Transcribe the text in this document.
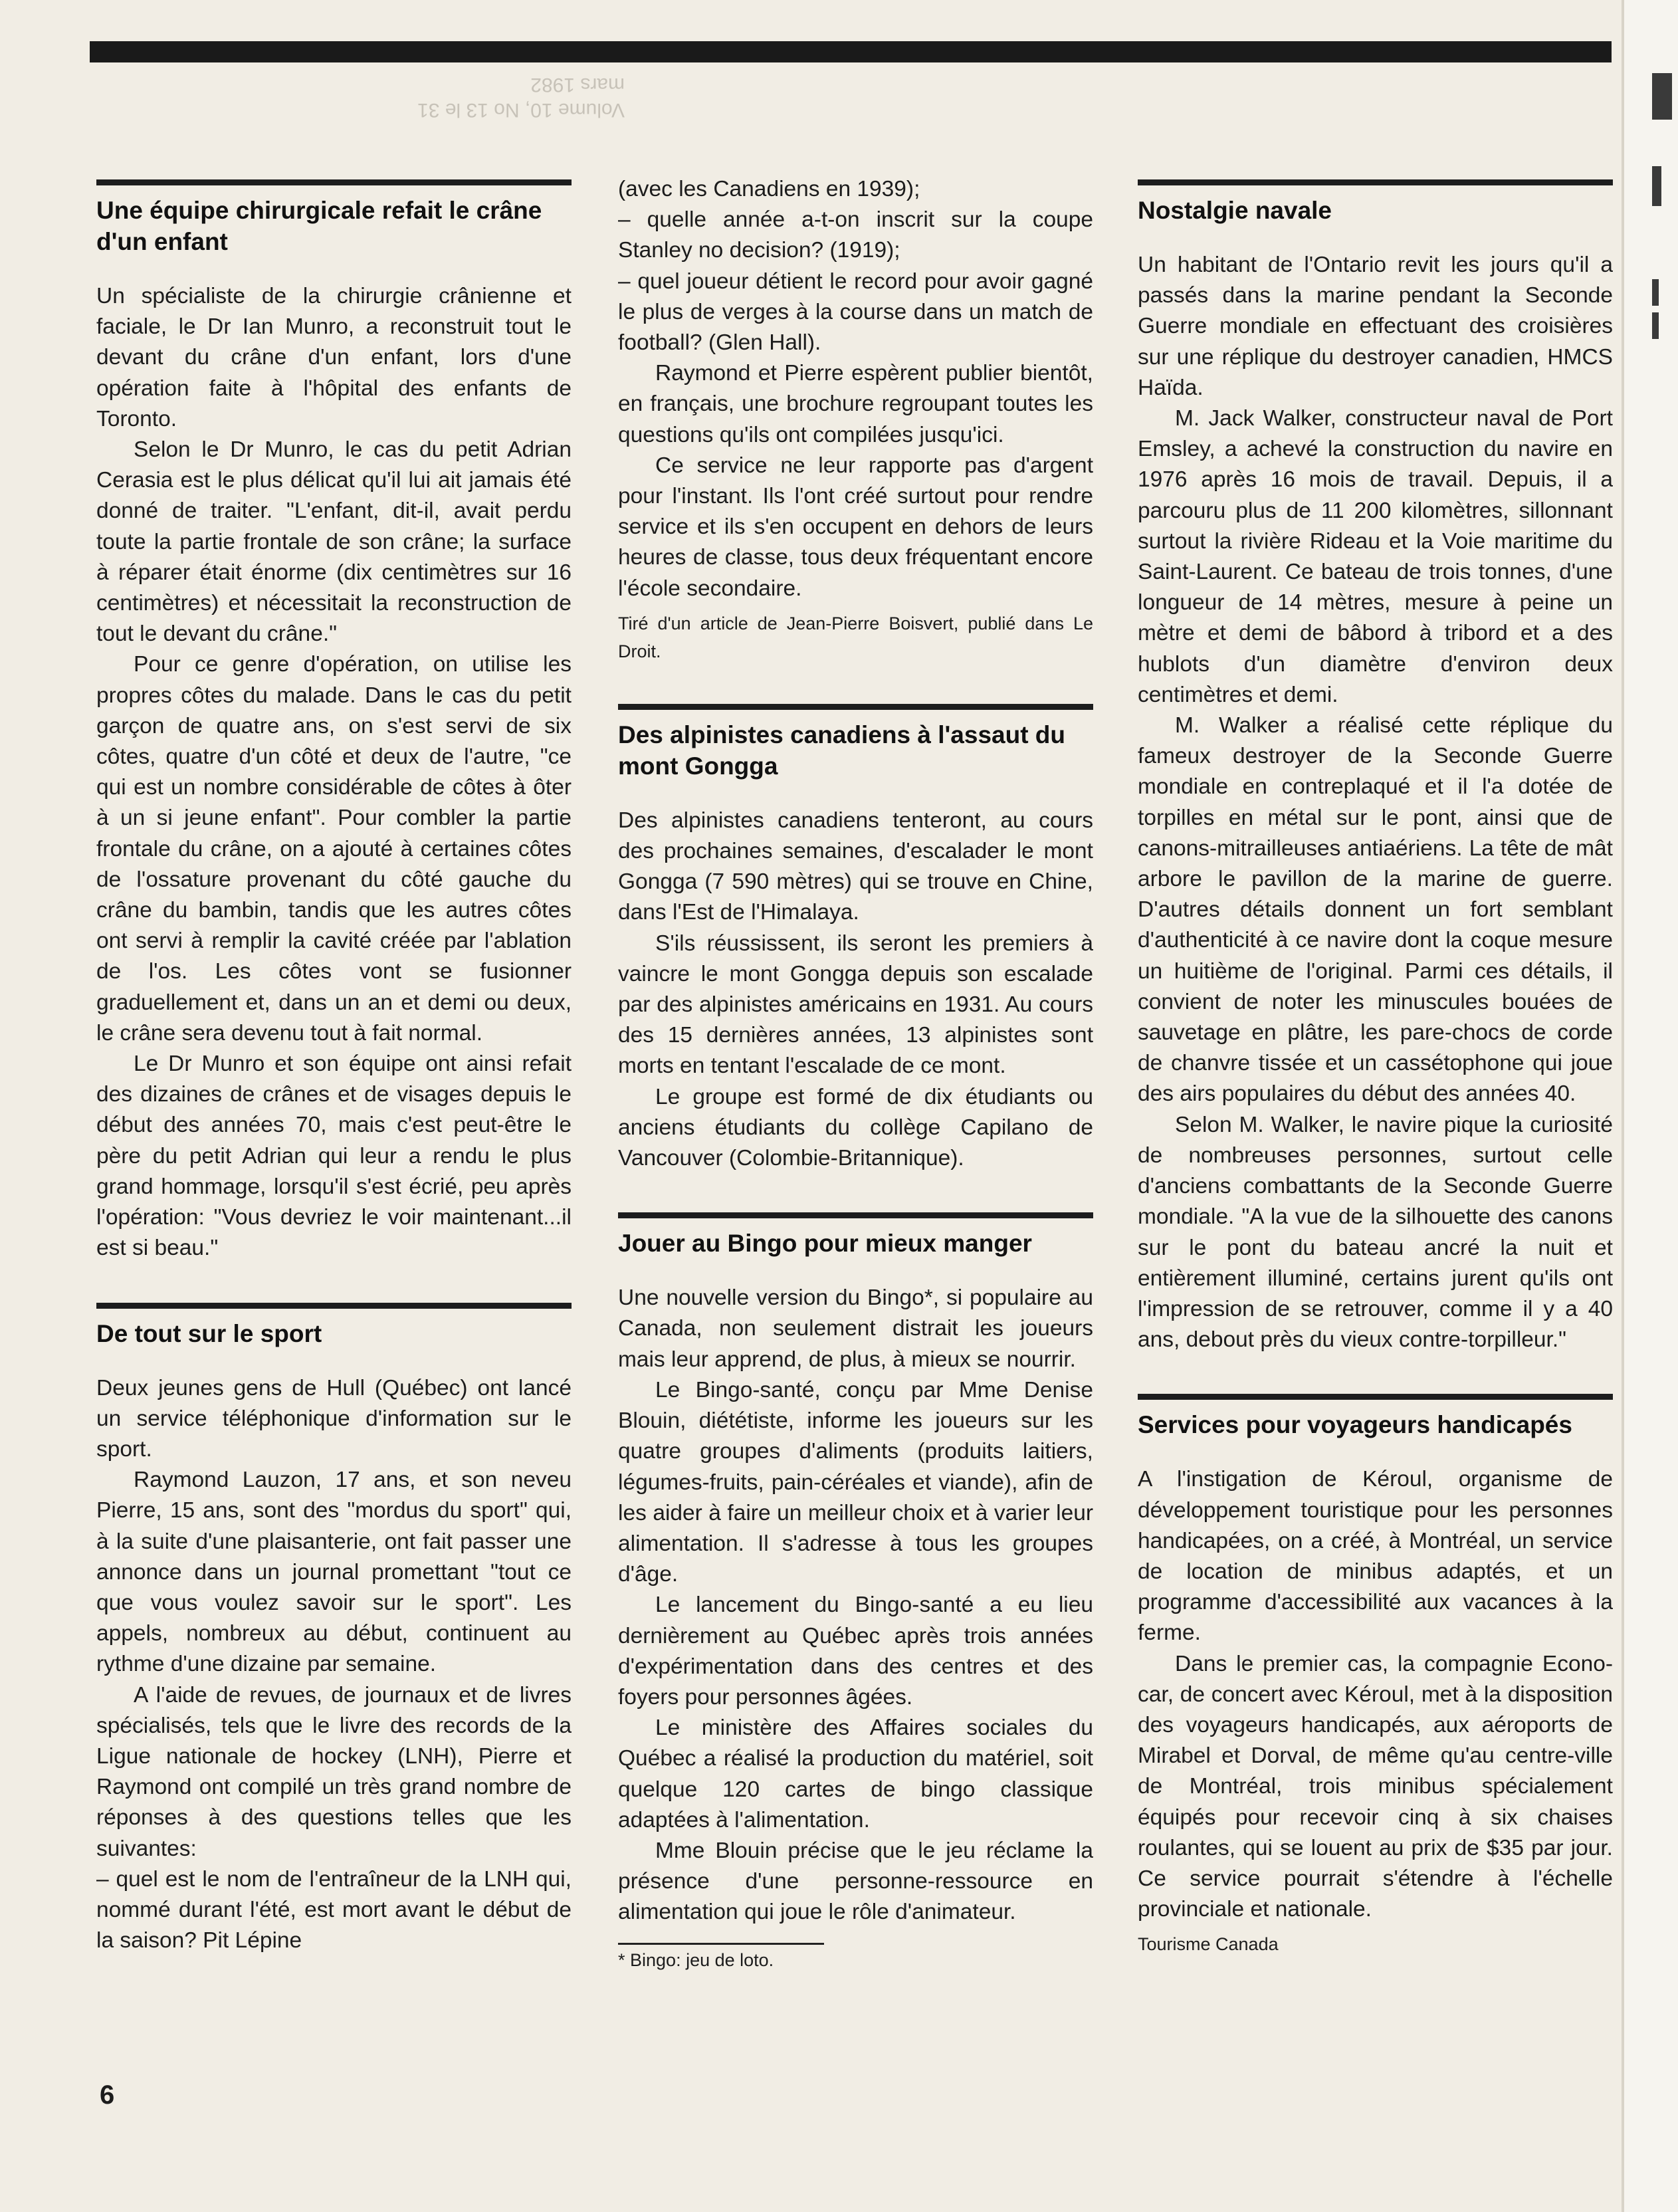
Volume 10, No 13 le 31 mars 1982
Une équipe chirurgicale refait le crâne d'un enfant

Un spécialiste de la chirurgie crânienne et faciale, le Dr Ian Munro, a reconstruit tout le devant du crâne d'un enfant, lors d'une opération faite à l'hôpital des enfants de Toronto.

Selon le Dr Munro, le cas du petit Adrian Cerasia est le plus délicat qu'il lui ait jamais été donné de traiter. "L'enfant, dit-il, avait perdu toute la partie frontale de son crâne; la surface à réparer était énorme (dix centimètres sur 16 centimètres) et nécessitait la reconstruction de tout le devant du crâne."

Pour ce genre d'opération, on utilise les propres côtes du malade. Dans le cas du petit garçon de quatre ans, on s'est servi de six côtes, quatre d'un côté et deux de l'autre, "ce qui est un nombre considérable de côtes à ôter à un si jeune enfant". Pour combler la partie frontale du crâne, on a ajouté à certaines côtes de l'ossature provenant du côté gauche du crâne du bambin, tandis que les autres côtes ont servi à remplir la cavité créée par l'ablation de l'os. Les côtes vont se fusionner graduellement et, dans un an et demi ou deux, le crâne sera devenu tout à fait normal.

Le Dr Munro et son équipe ont ainsi refait des dizaines de crânes et de visages depuis le début des années 70, mais c'est peut-être le père du petit Adrian qui leur a rendu le plus grand hommage, lorsqu'il s'est écrié, peu après l'opération: "Vous devriez le voir maintenant...il est si beau."

De tout sur le sport

Deux jeunes gens de Hull (Québec) ont lancé un service téléphonique d'information sur le sport.

Raymond Lauzon, 17 ans, et son neveu Pierre, 15 ans, sont des "mordus du sport" qui, à la suite d'une plaisanterie, ont fait passer une annonce dans un journal promettant "tout ce que vous voulez savoir sur le sport". Les appels, nombreux au début, continuent au rythme d'une dizaine par semaine.

A l'aide de revues, de journaux et de livres spécialisés, tels que le livre des records de la Ligue nationale de hockey (LNH), Pierre et Raymond ont compilé un très grand nombre de réponses à des questions telles que les suivantes:

– quel est le nom de l'entraîneur de la LNH qui, nommé durant l'été, est mort avant le début de la saison? Pit Lépine

(avec les Canadiens en 1939);

– quelle année a-t-on inscrit sur la coupe Stanley no decision? (1919);

– quel joueur détient le record pour avoir gagné le plus de verges à la course dans un match de football? (Glen Hall).

Raymond et Pierre espèrent publier bientôt, en français, une brochure regroupant toutes les questions qu'ils ont compilées jusqu'ici.

Ce service ne leur rapporte pas d'argent pour l'instant. Ils l'ont créé surtout pour rendre service et ils s'en occupent en dehors de leurs heures de classe, tous deux fréquentant encore l'école secondaire.

Tiré d'un article de Jean-Pierre Boisvert, publié dans Le Droit.

Des alpinistes canadiens à l'assaut du mont Gongga

Des alpinistes canadiens tenteront, au cours des prochaines semaines, d'escalader le mont Gongga (7 590 mètres) qui se trouve en Chine, dans l'Est de l'Himalaya.

S'ils réussissent, ils seront les premiers à vaincre le mont Gongga depuis son escalade par des alpinistes américains en 1931. Au cours des 15 dernières années, 13 alpinistes sont morts en tentant l'escalade de ce mont.

Le groupe est formé de dix étudiants ou anciens étudiants du collège Capilano de Vancouver (Colombie-Britannique).

Jouer au Bingo pour mieux manger

Une nouvelle version du Bingo*, si populaire au Canada, non seulement distrait les joueurs mais leur apprend, de plus, à mieux se nourrir.

Le Bingo-santé, conçu par Mme Denise Blouin, diététiste, informe les joueurs sur les quatre groupes d'aliments (produits laitiers, légumes-fruits, pain-céréales et viande), afin de les aider à faire un meilleur choix et à varier leur alimentation. Il s'adresse à tous les groupes d'âge.

Le lancement du Bingo-santé a eu lieu dernièrement au Québec après trois années d'expérimentation dans des centres et des foyers pour personnes âgées.

Le ministère des Affaires sociales du Québec a réalisé la production du matériel, soit quelque 120 cartes de bingo classique adaptées à l'alimentation.

Mme Blouin précise que le jeu réclame la présence d'une personne-ressource en alimentation qui joue le rôle d'animateur.

* Bingo: jeu de loto.

Nostalgie navale

Un habitant de l'Ontario revit les jours qu'il a passés dans la marine pendant la Seconde Guerre mondiale en effectuant des croisières sur une réplique du destroyer canadien, HMCS Haïda.

M. Jack Walker, constructeur naval de Port Emsley, a achevé la construction du navire en 1976 après 16 mois de travail. Depuis, il a parcouru plus de 11 200 kilomètres, sillonnant surtout la rivière Rideau et la Voie maritime du Saint-Laurent. Ce bateau de trois tonnes, d'une longueur de 14 mètres, mesure à peine un mètre et demi de bâbord à tribord et a des hublots d'un diamètre d'environ deux centimètres et demi.

M. Walker a réalisé cette réplique du fameux destroyer de la Seconde Guerre mondiale en contreplaqué et il l'a dotée de torpilles en métal sur le pont, ainsi que de canons-mitrailleuses antiaériens. La tête de mât arbore le pavillon de la marine de guerre. D'autres détails donnent un fort semblant d'authenticité à ce navire dont la coque mesure un huitième de l'original. Parmi ces détails, il convient de noter les minuscules bouées de sauvetage en plâtre, les pare-chocs de corde de chanvre tissée et un cassétophone qui joue des airs populaires du début des années 40.

Selon M. Walker, le navire pique la curiosité de nombreuses personnes, surtout celle d'anciens combattants de la Seconde Guerre mondiale. "A la vue de la silhouette des canons sur le pont du bateau ancré la nuit et entièrement illuminé, certains jurent qu'ils ont l'impression de se retrouver, comme il y a 40 ans, debout près du vieux contre-torpilleur."

Services pour voyageurs handicapés

A l'instigation de Kéroul, organisme de développement touristique pour les personnes handicapées, on a créé, à Montréal, un service de location de minibus adaptés, et un programme d'accessibilité aux vacances à la ferme.

Dans le premier cas, la compagnie Econo-car, de concert avec Kéroul, met à la disposition des voyageurs handicapés, aux aéroports de Mirabel et Dorval, de même qu'au centre-ville de Montréal, trois minibus spécialement équipés pour recevoir cinq à six chaises roulantes, qui se louent au prix de $35 par jour. Ce service pourrait s'étendre à l'échelle provinciale et nationale.

Tourisme Canada

6
